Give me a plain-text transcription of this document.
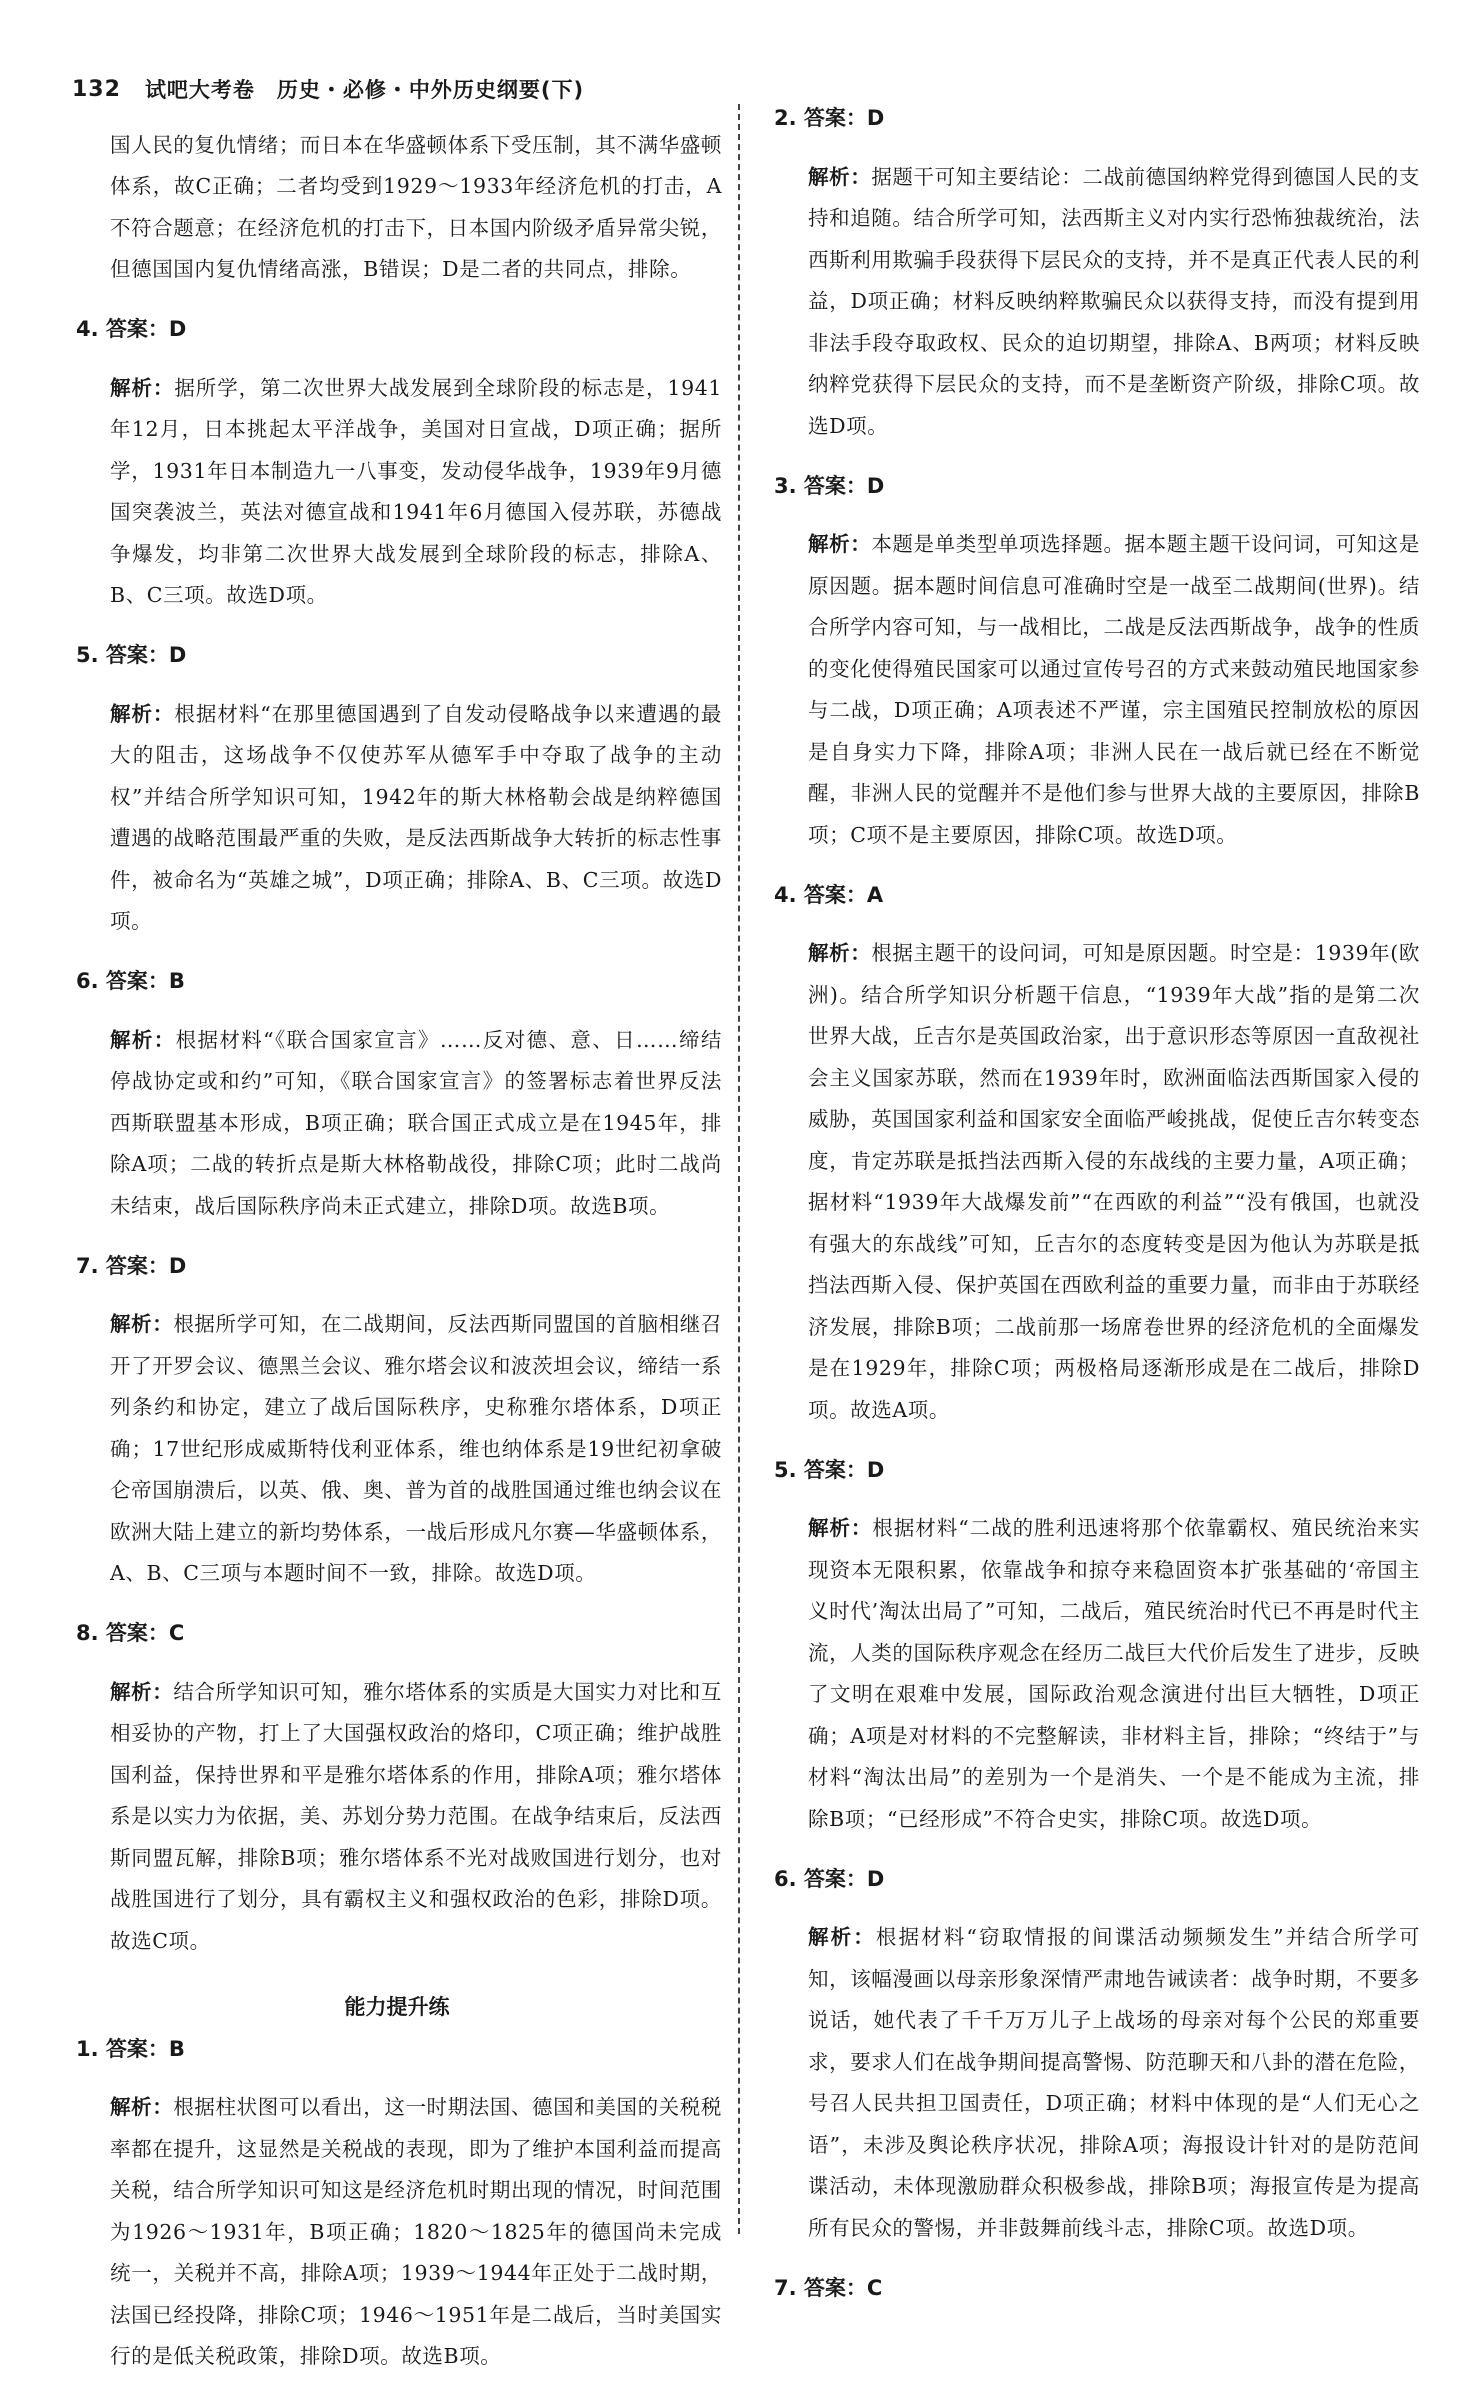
132 试吧大考卷　历史・必修・中外历史纲要(下)

国人民的复仇情绪；而日本在华盛顿体系下受压制，其不满华盛顿体系，故C正确；二者均受到1929～1933年经济危机的打击，A不符合题意；在经济危机的打击下，日本国内阶级矛盾异常尖锐，但德国国内复仇情绪高涨，B错误；D是二者的共同点，排除。

4. 答案：D

解析：据所学，第二次世界大战发展到全球阶段的标志是，1941年12月，日本挑起太平洋战争，美国对日宣战，D项正确；据所学，1931年日本制造九一八事变，发动侵华战争，1939年9月德国突袭波兰，英法对德宣战和1941年6月德国入侵苏联，苏德战争爆发，均非第二次世界大战发展到全球阶段的标志，排除A、B、C三项。故选D项。

5. 答案：D

解析：根据材料“在那里德国遇到了自发动侵略战争以来遭遇的最大的阻击，这场战争不仅使苏军从德军手中夺取了战争的主动权”并结合所学知识可知，1942年的斯大林格勒会战是纳粹德国遭遇的战略范围最严重的失败，是反法西斯战争大转折的标志性事件，被命名为“英雄之城”，D项正确；排除A、B、C三项。故选D项。

6. 答案：B

解析：根据材料“《联合国家宣言》……反对德、意、日……缔结停战协定或和约”可知，《联合国家宣言》的签署标志着世界反法西斯联盟基本形成，B项正确；联合国正式成立是在1945年，排除A项；二战的转折点是斯大林格勒战役，排除C项；此时二战尚未结束，战后国际秩序尚未正式建立，排除D项。故选B项。

7. 答案：D

解析：根据所学可知，在二战期间，反法西斯同盟国的首脑相继召开了开罗会议、德黑兰会议、雅尔塔会议和波茨坦会议，缔结一系列条约和协定，建立了战后国际秩序，史称雅尔塔体系，D项正确；17世纪形成威斯特伐利亚体系，维也纳体系是19世纪初拿破仑帝国崩溃后，以英、俄、奥、普为首的战胜国通过维也纳会议在欧洲大陆上建立的新均势体系，一战后形成凡尔赛—华盛顿体系，A、B、C三项与本题时间不一致，排除。故选D项。

8. 答案：C

解析：结合所学知识可知，雅尔塔体系的实质是大国实力对比和互相妥协的产物，打上了大国强权政治的烙印，C项正确；维护战胜国利益，保持世界和平是雅尔塔体系的作用，排除A项；雅尔塔体系是以实力为依据，美、苏划分势力范围。在战争结束后，反法西斯同盟瓦解，排除B项；雅尔塔体系不光对战败国进行划分，也对战胜国进行了划分，具有霸权主义和强权政治的色彩，排除D项。故选C项。

能力提升练
1. 答案：B

解析：根据柱状图可以看出，这一时期法国、德国和美国的关税税率都在提升，这显然是关税战的表现，即为了维护本国利益而提高关税，结合所学知识可知这是经济危机时期出现的情况，时间范围为1926～1931年，B项正确；1820～1825年的德国尚未完成统一，关税并不高，排除A项；1939～1944年正处于二战时期，法国已经投降，排除C项；1946～1951年是二战后，当时美国实行的是低关税政策，排除D项。故选B项。

2. 答案：D

解析：据题干可知主要结论：二战前德国纳粹党得到德国人民的支持和追随。结合所学可知，法西斯主义对内实行恐怖独裁统治，法西斯利用欺骗手段获得下层民众的支持，并不是真正代表人民的利益，D项正确；材料反映纳粹欺骗民众以获得支持，而没有提到用非法手段夺取政权、民众的迫切期望，排除A、B两项；材料反映纳粹党获得下层民众的支持，而不是垄断资产阶级，排除C项。故选D项。

3. 答案：D

解析：本题是单类型单项选择题。据本题主题干设问词，可知这是原因题。据本题时间信息可准确时空是一战至二战期间(世界)。结合所学内容可知，与一战相比，二战是反法西斯战争，战争的性质的变化使得殖民国家可以通过宣传号召的方式来鼓动殖民地国家参与二战，D项正确；A项表述不严谨，宗主国殖民控制放松的原因是自身实力下降，排除A项；非洲人民在一战后就已经在不断觉醒，非洲人民的觉醒并不是他们参与世界大战的主要原因，排除B项；C项不是主要原因，排除C项。故选D项。

4. 答案：A

解析：根据主题干的设问词，可知是原因题。时空是：1939年(欧洲)。结合所学知识分析题干信息，“1939年大战”指的是第二次世界大战，丘吉尔是英国政治家，出于意识形态等原因一直敌视社会主义国家苏联，然而在1939年时，欧洲面临法西斯国家入侵的威胁，英国国家利益和国家安全面临严峻挑战，促使丘吉尔转变态度，肯定苏联是抵挡法西斯入侵的东战线的主要力量，A项正确；据材料“1939年大战爆发前”“在西欧的利益”“没有俄国，也就没有强大的东战线”可知，丘吉尔的态度转变是因为他认为苏联是抵挡法西斯入侵、保护英国在西欧利益的重要力量，而非由于苏联经济发展，排除B项；二战前那一场席卷世界的经济危机的全面爆发是在1929年，排除C项；两极格局逐渐形成是在二战后，排除D项。故选A项。

5. 答案：D

解析：根据材料“二战的胜利迅速将那个依靠霸权、殖民统治来实现资本无限积累，依靠战争和掠夺来稳固资本扩张基础的‘帝国主义时代’淘汰出局了”可知，二战后，殖民统治时代已不再是时代主流，人类的国际秩序观念在经历二战巨大代价后发生了进步，反映了文明在艰难中发展，国际政治观念演进付出巨大牺牲，D项正确；A项是对材料的不完整解读，非材料主旨，排除；“终结于”与材料“淘汰出局”的差别为一个是消失、一个是不能成为主流，排除B项；“已经形成”不符合史实，排除C项。故选D项。

6. 答案：D

解析：根据材料“窃取情报的间谍活动频频发生”并结合所学可知，该幅漫画以母亲形象深情严肃地告诫读者：战争时期，不要多说话，她代表了千千万万儿子上战场的母亲对每个公民的郑重要求，要求人们在战争期间提高警惕、防范聊天和八卦的潜在危险，号召人民共担卫国责任，D项正确；材料中体现的是“人们无心之语”，未涉及舆论秩序状况，排除A项；海报设计针对的是防范间谍活动，未体现激励群众积极参战，排除B项；海报宣传是为提高所有民众的警惕，并非鼓舞前线斗志，排除C项。故选D项。

7. 答案：C
